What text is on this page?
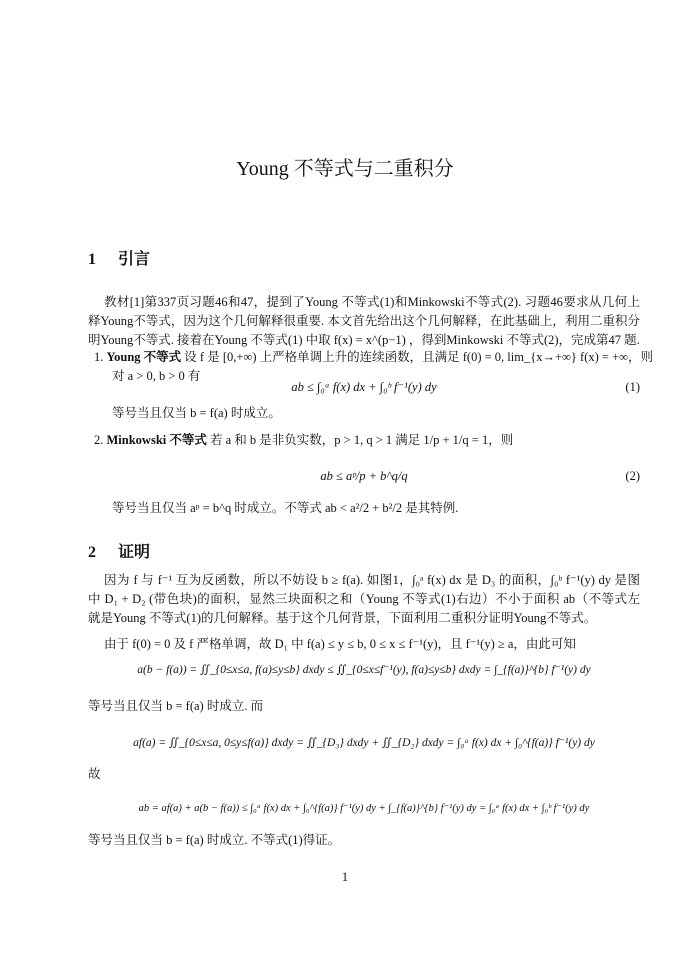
Young 不等式与二重积分
1 引言
教材[1]第337页习题46和47，提到了Young 不等式(1)和Minkowski不等式(2). 习题46要求从几何上
释Young不等式，因为这个几何解释很重要. 本文首先给出这个几何解释，在此基础上，利用二重积分
明Young不等式. 接着在Young 不等式(1) 中取 f(x) = x^(p−1) ，得到Minkowski 不等式(2)，完成第47 题.
1. Young 不等式 设 f 是 [0,+∞) 上严格单调上升的连续函数，且满足 f(0) = 0, lim_{x→+∞} f(x) = +∞，则
对 a > 0, b > 0 有
ab ≤ ∫₀ᵃ f(x) dx + ∫₀ᵇ f⁻¹(y) dy	(1)
等号当且仅当 b = f(a) 时成立。
2. Minkowski 不等式 若 a 和 b 是非负实数，p > 1, q > 1 满足 1/p + 1/q = 1，则
ab ≤ aᵖ/p + b^q/q	(2)
等号当且仅当 aᵖ = b^q 时成立。不等式 ab < a²/2 + b²/2 是其特例.
2 证明
因为 f 与 f⁻¹ 互为反函数，所以不妨设 b ≥ f(a). 如图1，∫₀ᵃ f(x) dx 是 D₃ 的面积，∫₀ᵇ f⁻¹(y) dy 是图
中 D₁ + D₂ (带色块)的面积，显然三块面积之和（Young 不等式(1)右边）不小于面积 ab（不等式左
就是Young 不等式(1)的几何解释。基于这个几何背景，下面利用二重积分证明Young不等式。
由于 f(0) = 0 及 f 严格单调，故 D₁ 中 f(a) ≤ y ≤ b, 0 ≤ x ≤ f⁻¹(y)，且 f⁻¹(y) ≥ a，由此可知
a(b − f(a)) = ∬_{0≤x≤a, f(a)≤y≤b} dxdy ≤ ∬_{0≤x≤f⁻¹(y), f(a)≤y≤b} dxdy = ∫_{f(a)}^{b} f⁻¹(y) dy
等号当且仅当 b = f(a) 时成立. 而
af(a) = ∬_{0≤x≤a, 0≤y≤f(a)} dxdy = ∬_{D₃} dxdy + ∬_{D₂} dxdy = ∫₀ᵃ f(x) dx + ∫₀^{f(a)} f⁻¹(y) dy
故
ab = af(a) + a(b − f(a)) ≤ ∫₀ᵃ f(x) dx + ∫₀^{f(a)} f⁻¹(y) dy + ∫_{f(a)}^{b} f⁻¹(y) dy = ∫₀ᵃ f(x) dx + ∫₀ᵇ f⁻¹(y) dy
等号当且仅当 b = f(a) 时成立. 不等式(1)得证。
1
